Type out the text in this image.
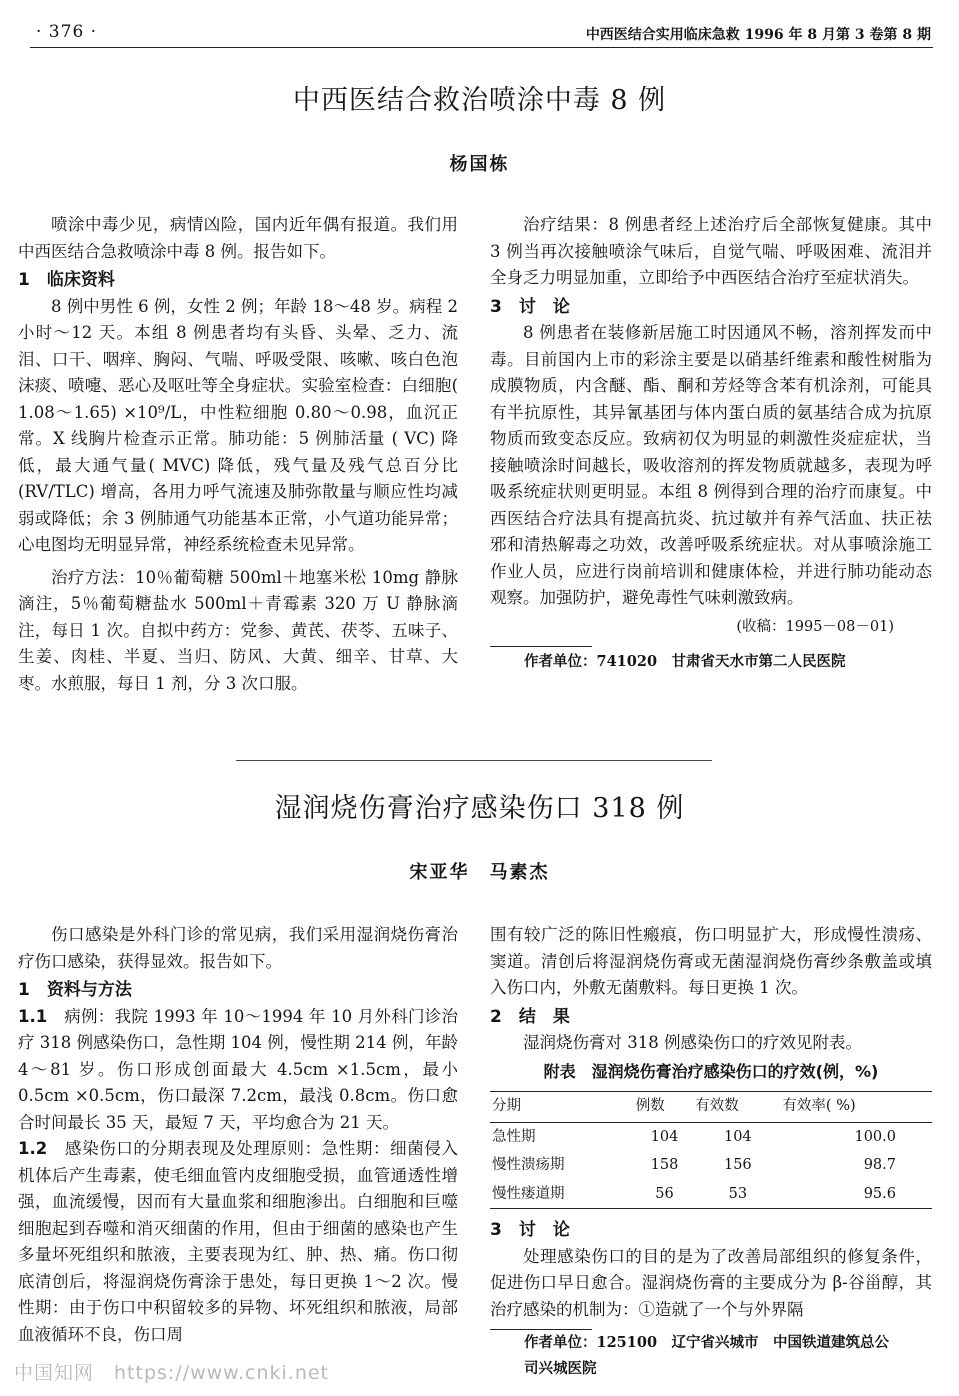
· 376 ·	中西医结合实用临床急救 1996 年 8 月第 3 卷第 8 期
中西医结合救治喷涂中毒 8 例
杨国栋

喷涂中毒少见，病情凶险，国内近年偶有报道。我们用中西医结合急救喷涂中毒 8 例。报告如下。

1　临床资料

8 例中男性 6 例，女性 2 例；年龄 18～48 岁。病程 2 小时～12 天。本组 8 例患者均有头昏、头晕、乏力、流泪、口干、咽痒、胸闷、气喘、呼吸受限、咳嗽、咳白色泡沫痰、喷嚏、恶心及呕吐等全身症状。实验室检查：白细胞( 1.08～1.65) ×10⁹/L，中性粒细胞 0.80～0.98，血沉正常。X 线胸片检查示正常。肺功能：5 例肺活量 ( VC) 降低，最大通气量( MVC) 降低，残气量及残气总百分比(RV/TLC) 增高，各用力呼气流速及肺弥散量与顺应性均减弱或降低；余 3 例肺通气功能基本正常，小气道功能异常；心电图均无明显异常，神经系统检查未见异常。

治疗方法：10％葡萄糖 500ml＋地塞米松 10mg 静脉滴注，5％葡萄糖盐水 500ml＋青霉素 320 万 U 静脉滴注，每日 1 次。自拟中药方：党参、黄芪、茯苓、五味子、生姜、肉桂、半夏、当归、防风、大黄、细辛、甘草、大枣。水煎服，每日 1 剂，分 3 次口服。

治疗结果：8 例患者经上述治疗后全部恢复健康。其中 3 例当再次接触喷涂气味后，自觉气喘、呼吸困难、流泪并全身乏力明显加重，立即给予中西医结合治疗至症状消失。

3　讨　论

8 例患者在装修新居施工时因通风不畅，溶剂挥发而中毒。目前国内上市的彩涂主要是以硝基纤维素和酸性树脂为成膜物质，内含醚、酯、酮和芳烃等含苯有机涂剂，可能具有半抗原性，其异氰基团与体内蛋白质的氨基结合成为抗原物质而致变态反应。致病初仅为明显的刺激性炎症症状，当接触喷涂时间越长，吸收溶剂的挥发物质就越多，表现为呼吸系统症状则更明显。本组 8 例得到合理的治疗而康复。中西医结合疗法具有提高抗炎、抗过敏并有养气活血、扶正祛邪和清热解毒之功效，改善呼吸系统症状。对从事喷涂施工作业人员，应进行岗前培训和健康体检，并进行肺功能动态观察。加强防护，避免毒性气味刺激致病。

(收稿：1995－08－01)
作者单位：741020　甘肃省天水市第二人民医院
湿润烧伤膏治疗感染伤口 318 例
宋亚华　马素杰

伤口感染是外科门诊的常见病，我们采用湿润烧伤膏治疗伤口感染，获得显效。报告如下。

1　资料与方法

1.1　 病例：我院 1993 年 10～1994 年 10 月外科门诊治疗 318 例感染伤口，急性期 104 例，慢性期 214 例，年龄 4～81 岁。伤口形成创面最大 4.5cm ×1.5cm，最小 0.5cm ×0.5cm，伤口最深 7.2cm，最浅 0.8cm。伤口愈合时间最长 35 天，最短 7 天，平均愈合为 21 天。

1.2　 感染伤口的分期表现及处理原则：急性期：细菌侵入机体后产生毒素，使毛细血管内皮细胞受损，血管通透性增强，血流缓慢，因而有大量血浆和细胞渗出。白细胞和巨噬细胞起到吞噬和消灭细菌的作用，但由于细菌的感染也产生多量坏死组织和脓液，主要表现为红、肿、热、痛。伤口彻底清创后，将湿润烧伤膏涂于患处，每日更换 1～2 次。慢性期：由于伤口中积留较多的异物、坏死组织和脓液，局部血液循环不良，伤口周

围有较广泛的陈旧性瘢痕，伤口明显扩大，形成慢性溃疡、窦道。清创后将湿润烧伤膏或无菌湿润烧伤膏纱条敷盖或填入伤口内，外敷无菌敷料。每日更换 1 次。

2　结　果

湿润烧伤膏对 318 例感染伤口的疗效见附表。

附表　湿润烧伤膏治疗感染伤口的疗效(例，%)
分期	例数	有效数	有效率( %)
急性期	104	104	100.0
慢性溃疡期	158	156	98.7
慢性瘘道期	56	53	95.6
3　讨　论

处理感染伤口的目的是为了改善局部组织的修复条件，促进伤口早日愈合。湿润烧伤膏的主要成分为 β-谷甾醇，其治疗感染的机制为：①造就了一个与外界隔

作者单位：125100　辽宁省兴城市　中国铁道建筑总公
司兴城医院
中国知网　https://www.cnki.net
